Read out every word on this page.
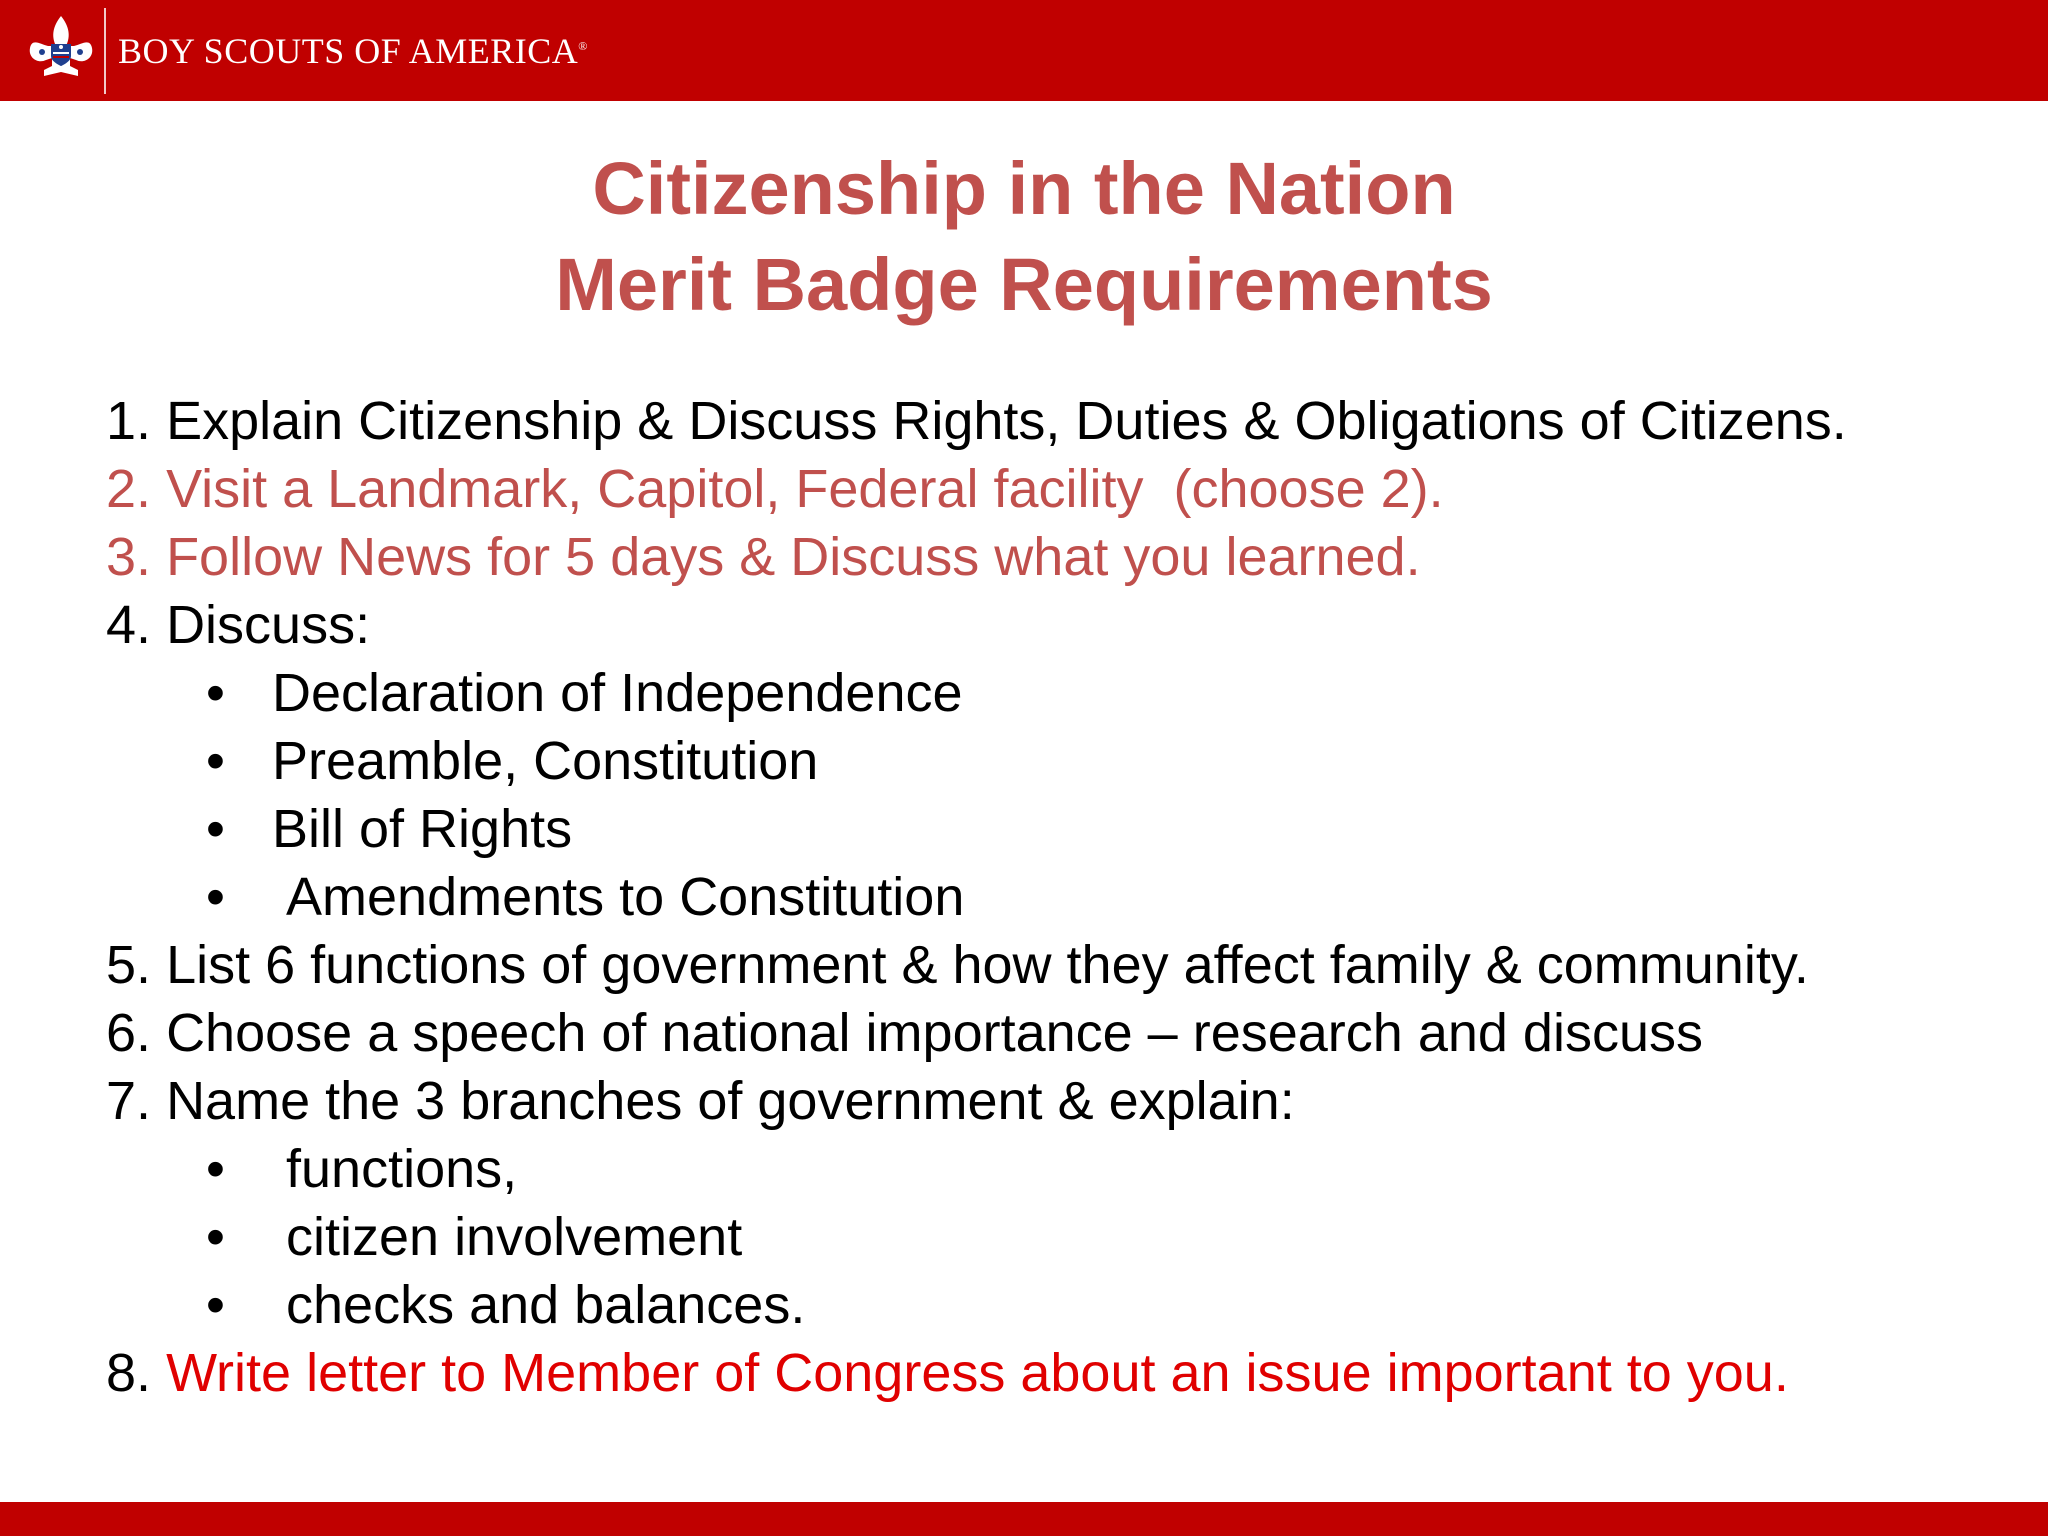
BOY SCOUTS OF AMERICA®
Citizenship in the Nation
Merit Badge Requirements
1. Explain Citizenship & Discuss Rights, Duties & Obligations of Citizens.
2. Visit a Landmark, Capitol, Federal facility  (choose 2).
3. Follow News for 5 days & Discuss what you learned.
4. Discuss:
• Declaration of Independence
• Preamble, Constitution
• Bill of Rights
• Amendments to Constitution
5. List 6 functions of government & how they affect family & community.
6. Choose a speech of national importance – research and discuss
7. Name the 3 branches of government & explain:
• functions,
• citizen involvement
• checks and balances.
8. Write letter to Member of Congress about an issue important to you.
